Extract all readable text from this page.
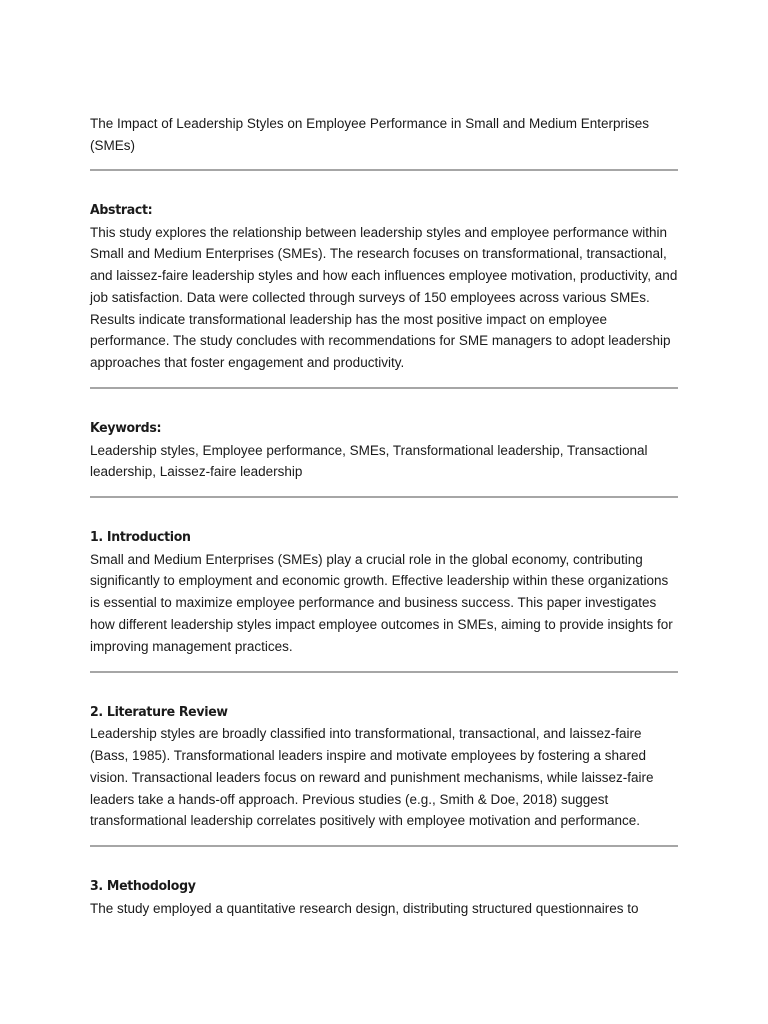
The Impact of Leadership Styles on Employee Performance in Small and Medium Enterprises (SMEs)

Abstract:

This study explores the relationship between leadership styles and employee performance within Small and Medium Enterprises (SMEs). The research focuses on transformational, transactional, and laissez-faire leadership styles and how each influences employee motivation, productivity, and job satisfaction. Data were collected through surveys of 150 employees across various SMEs. Results indicate transformational leadership has the most positive impact on employee performance. The study concludes with recommendations for SME managers to adopt leadership approaches that foster engagement and productivity.

Keywords:

Leadership styles, Employee performance, SMEs, Transformational leadership, Transactional leadership, Laissez-faire leadership

1. Introduction

Small and Medium Enterprises (SMEs) play a crucial role in the global economy, contributing significantly to employment and economic growth. Effective leadership within these organizations is essential to maximize employee performance and business success. This paper investigates how different leadership styles impact employee outcomes in SMEs, aiming to provide insights for improving management practices.

2. Literature Review

Leadership styles are broadly classified into transformational, transactional, and laissez-faire (Bass, 1985). Transformational leaders inspire and motivate employees by fostering a shared vision. Transactional leaders focus on reward and punishment mechanisms, while laissez-faire leaders take a hands-off approach. Previous studies (e.g., Smith & Doe, 2018) suggest transformational leadership correlates positively with employee motivation and performance.

3. Methodology

The study employed a quantitative research design, distributing structured questionnaires to
